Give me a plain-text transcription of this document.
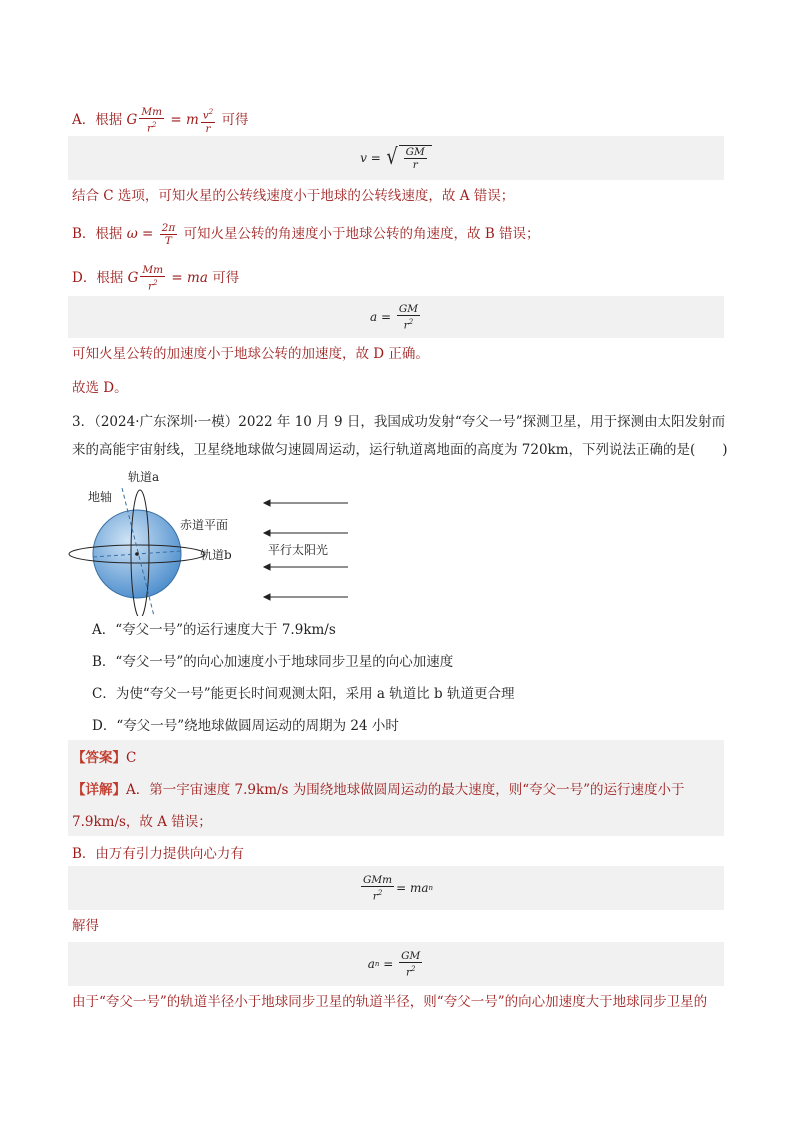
A．根据 G $\frac{Mm}{r^2} = m \frac{v^2}{r}$ 可得
v = √ $\frac{GM}{r}$
结合 C 选项，可知火星的公转线速度小于地球的公转线速度，故 A 错误；
B．根据 $\omega = \frac{2\pi}{T}$ 可知火星公转的角速度小于地球公转的角速度，故 B 错误；
D．根据 G $\frac{Mm}{r^2}$ = ma 可得
$a = \frac{GM}{r^2}$
可知火星公转的加速度小于地球公转的加速度，故 D 正确。
故选 D。
3．（2024·广东深圳·一模）2022 年 10 月 9 日，我国成功发射“夸父一号”探测卫星，用于探测由太阳发射而
来的高能宇宙射线，卫星绕地球做匀速圆周运动，运行轨道离地面的高度为 720km，下列说法正确的是(　　)
轨道a
地轴
赤道平面
轨道b	平行太阳光
A．“夸父一号”的运行速度大于 7.9km/s
B．“夸父一号”的向心加速度小于地球同步卫星的向心加速度
C．为使“夸父一号”能更长时间观测太阳，采用 a 轨道比 b 轨道更合理
D．“夸父一号”绕地球做圆周运动的周期为 24 小时
【答案】C
【详解】A．第一宇宙速度 7.9km/s 为围绕地球做圆周运动的最大速度，则“夸父一号”的运行速度小于
7.9km/s，故 A 错误；
B．由万有引力提供向心力有
$\frac{\text{GMm}}{r^2}$ = ma n
解得
a n
=
$\frac{GM}{r^2}$
由于“夸父一号”的轨道半径小于地球同步卫星的轨道半径，则“夸父一号”的向心加速度大于地球同步卫星的
